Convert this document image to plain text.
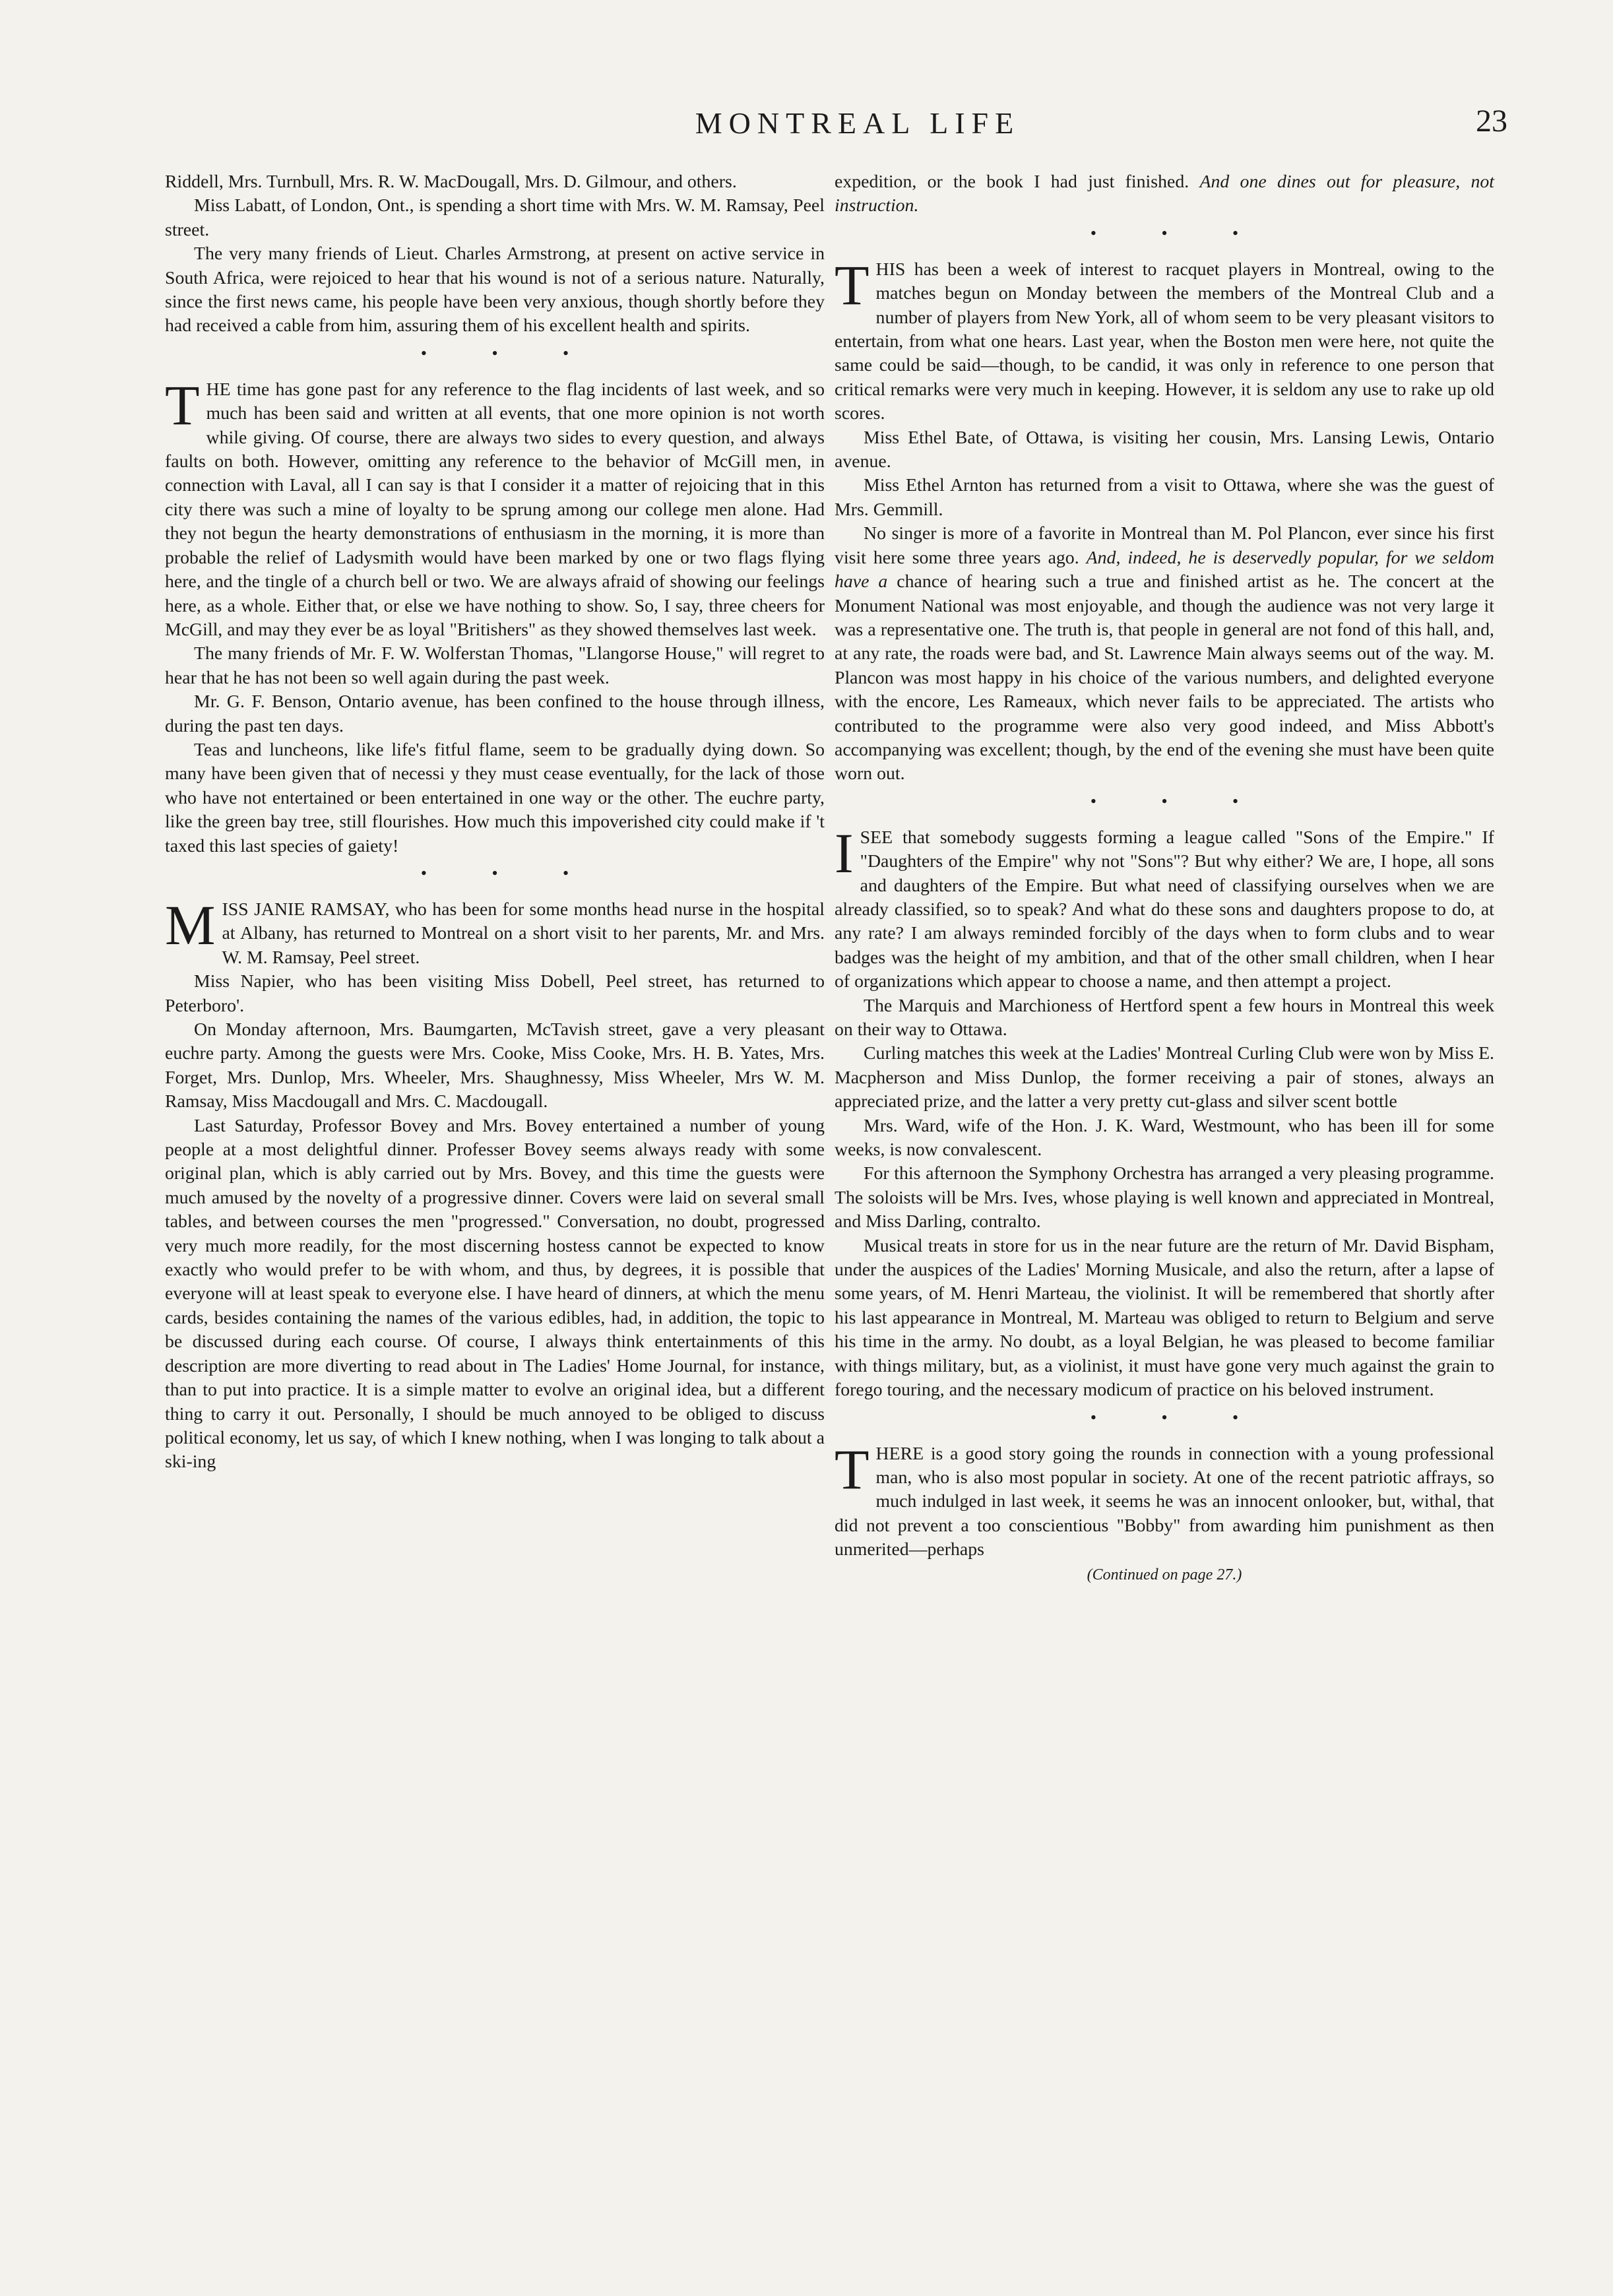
MONTREAL LIFE	23

Riddell, Mrs. Turnbull, Mrs. R. W. MacDougall, Mrs. D. Gilmour, and others.

Miss Labatt, of London, Ont., is spending a short time with Mrs. W. M. Ramsay, Peel street.

The very many friends of Lieut. Charles Armstrong, at present on active service in South Africa, were rejoiced to hear that his wound is not of a serious nature. Naturally, since the first news came, his people have been very anxious, though shortly before they had received a cable from him, assuring them of his excellent health and spirits.

• • •

THE time has gone past for any reference to the flag incidents of last week, and so much has been said and written at all events, that one more opinion is not worth while giving. Of course, there are always two sides to every question, and always faults on both. However, omitting any reference to the behavior of McGill men, in connection with Laval, all I can say is that I consider it a matter of rejoicing that in this city there was such a mine of loyalty to be sprung among our college men alone. Had they not begun the hearty demonstrations of enthusiasm in the morning, it is more than probable the relief of Ladysmith would have been marked by one or two flags flying here, and the tingle of a church bell or two. We are always afraid of showing our feelings here, as a whole. Either that, or else we have nothing to show. So, I say, three cheers for McGill, and may they ever be as loyal "Britishers" as they showed themselves last week.

The many friends of Mr. F. W. Wolferstan Thomas, "Llangorse House," will regret to hear that he has not been so well again during the past week.

Mr. G. F. Benson, Ontario avenue, has been confined to the house through illness, during the past ten days.

Teas and luncheons, like life's fitful flame, seem to be gradually dying down. So many have been given that of necessi y they must cease eventually, for the lack of those who have not entertained or been entertained in one way or the other. The euchre party, like the green bay tree, still flourishes. How much this impoverished city could make if 't taxed this last species of gaiety!

• • •

MISS JANIE RAMSAY, who has been for some months head nurse in the hospital at Albany, has returned to Montreal on a short visit to her parents, Mr. and Mrs. W. M. Ramsay, Peel street.

Miss Napier, who has been visiting Miss Dobell, Peel street, has returned to Peterboro'.

On Monday afternoon, Mrs. Baumgarten, McTavish street, gave a very pleasant euchre party. Among the guests were Mrs. Cooke, Miss Cooke, Mrs. H. B. Yates, Mrs. Forget, Mrs. Dunlop, Mrs. Wheeler, Mrs. Shaughnessy, Miss Wheeler, Mrs W. M. Ramsay, Miss Macdougall and Mrs. C. Macdougall.

Last Saturday, Professor Bovey and Mrs. Bovey entertained a number of young people at a most delightful dinner. Professer Bovey seems always ready with some original plan, which is ably carried out by Mrs. Bovey, and this time the guests were much amused by the novelty of a progressive dinner. Covers were laid on several small tables, and between courses the men "progressed." Conversation, no doubt, progressed very much more readily, for the most discerning hostess cannot be expected to know exactly who would prefer to be with whom, and thus, by degrees, it is possible that everyone will at least speak to everyone else. I have heard of dinners, at which the menu cards, besides containing the names of the various edibles, had, in addition, the topic to be discussed during each course. Of course, I always think entertainments of this description are more diverting to read about in The Ladies' Home Journal, for instance, than to put into practice. It is a simple matter to evolve an original idea, but a different thing to carry it out. Personally, I should be much annoyed to be obliged to discuss political economy, let us say, of which I knew nothing, when I was longing to talk about a ski-ing

expedition, or the book I had just finished. And one dines out for pleasure, not instruction.

• • •

THIS has been a week of interest to racquet players in Montreal, owing to the matches begun on Monday between the members of the Montreal Club and a number of players from New York, all of whom seem to be very pleasant visitors to entertain, from what one hears. Last year, when the Boston men were here, not quite the same could be said—though, to be candid, it was only in reference to one person that critical remarks were very much in keeping. However, it is seldom any use to rake up old scores.

Miss Ethel Bate, of Ottawa, is visiting her cousin, Mrs. Lansing Lewis, Ontario avenue.

Miss Ethel Arnton has returned from a visit to Ottawa, where she was the guest of Mrs. Gemmill.

No singer is more of a favorite in Montreal than M. Pol Plancon, ever since his first visit here some three years ago. And, indeed, he is deservedly popular, for we seldom have a chance of hearing such a true and finished artist as he. The concert at the Monument National was most enjoyable, and though the audience was not very large it was a representative one. The truth is, that people in general are not fond of this hall, and, at any rate, the roads were bad, and St. Lawrence Main always seems out of the way. M. Plancon was most happy in his choice of the various numbers, and delighted everyone with the encore, Les Rameaux, which never fails to be appreciated. The artists who contributed to the programme were also very good indeed, and Miss Abbott's accompanying was excellent; though, by the end of the evening she must have been quite worn out.

• • •

ISEE that somebody suggests forming a league called "Sons of the Empire." If "Daughters of the Empire" why not "Sons"? But why either? We are, I hope, all sons and daughters of the Empire. But what need of classifying ourselves when we are already classified, so to speak? And what do these sons and daughters propose to do, at any rate? I am always reminded forcibly of the days when to form clubs and to wear badges was the height of my ambition, and that of the other small children, when I hear of organizations which appear to choose a name, and then attempt a project.

The Marquis and Marchioness of Hertford spent a few hours in Montreal this week on their way to Ottawa.

Curling matches this week at the Ladies' Montreal Curling Club were won by Miss E. Macpherson and Miss Dunlop, the former receiving a pair of stones, always an appreciated prize, and the latter a very pretty cut-glass and silver scent bottle

Mrs. Ward, wife of the Hon. J. K. Ward, Westmount, who has been ill for some weeks, is now convalescent.

For this afternoon the Symphony Orchestra has arranged a very pleasing programme. The soloists will be Mrs. Ives, whose playing is well known and appreciated in Montreal, and Miss Darling, contralto.

Musical treats in store for us in the near future are the return of Mr. David Bispham, under the auspices of the Ladies' Morning Musicale, and also the return, after a lapse of some years, of M. Henri Marteau, the violinist. It will be remembered that shortly after his last appearance in Montreal, M. Marteau was obliged to return to Belgium and serve his time in the army. No doubt, as a loyal Belgian, he was pleased to become familiar with things military, but, as a violinist, it must have gone very much against the grain to forego touring, and the necessary modicum of practice on his beloved instrument.

• • •

THERE is a good story going the rounds in connection with a young professional man, who is also most popular in society. At one of the recent patriotic affrays, so much indulged in last week, it seems he was an innocent onlooker, but, withal, that did not prevent a too conscientious "Bobby" from awarding him punishment as then unmerited—perhaps

(Continued on page 27.)
